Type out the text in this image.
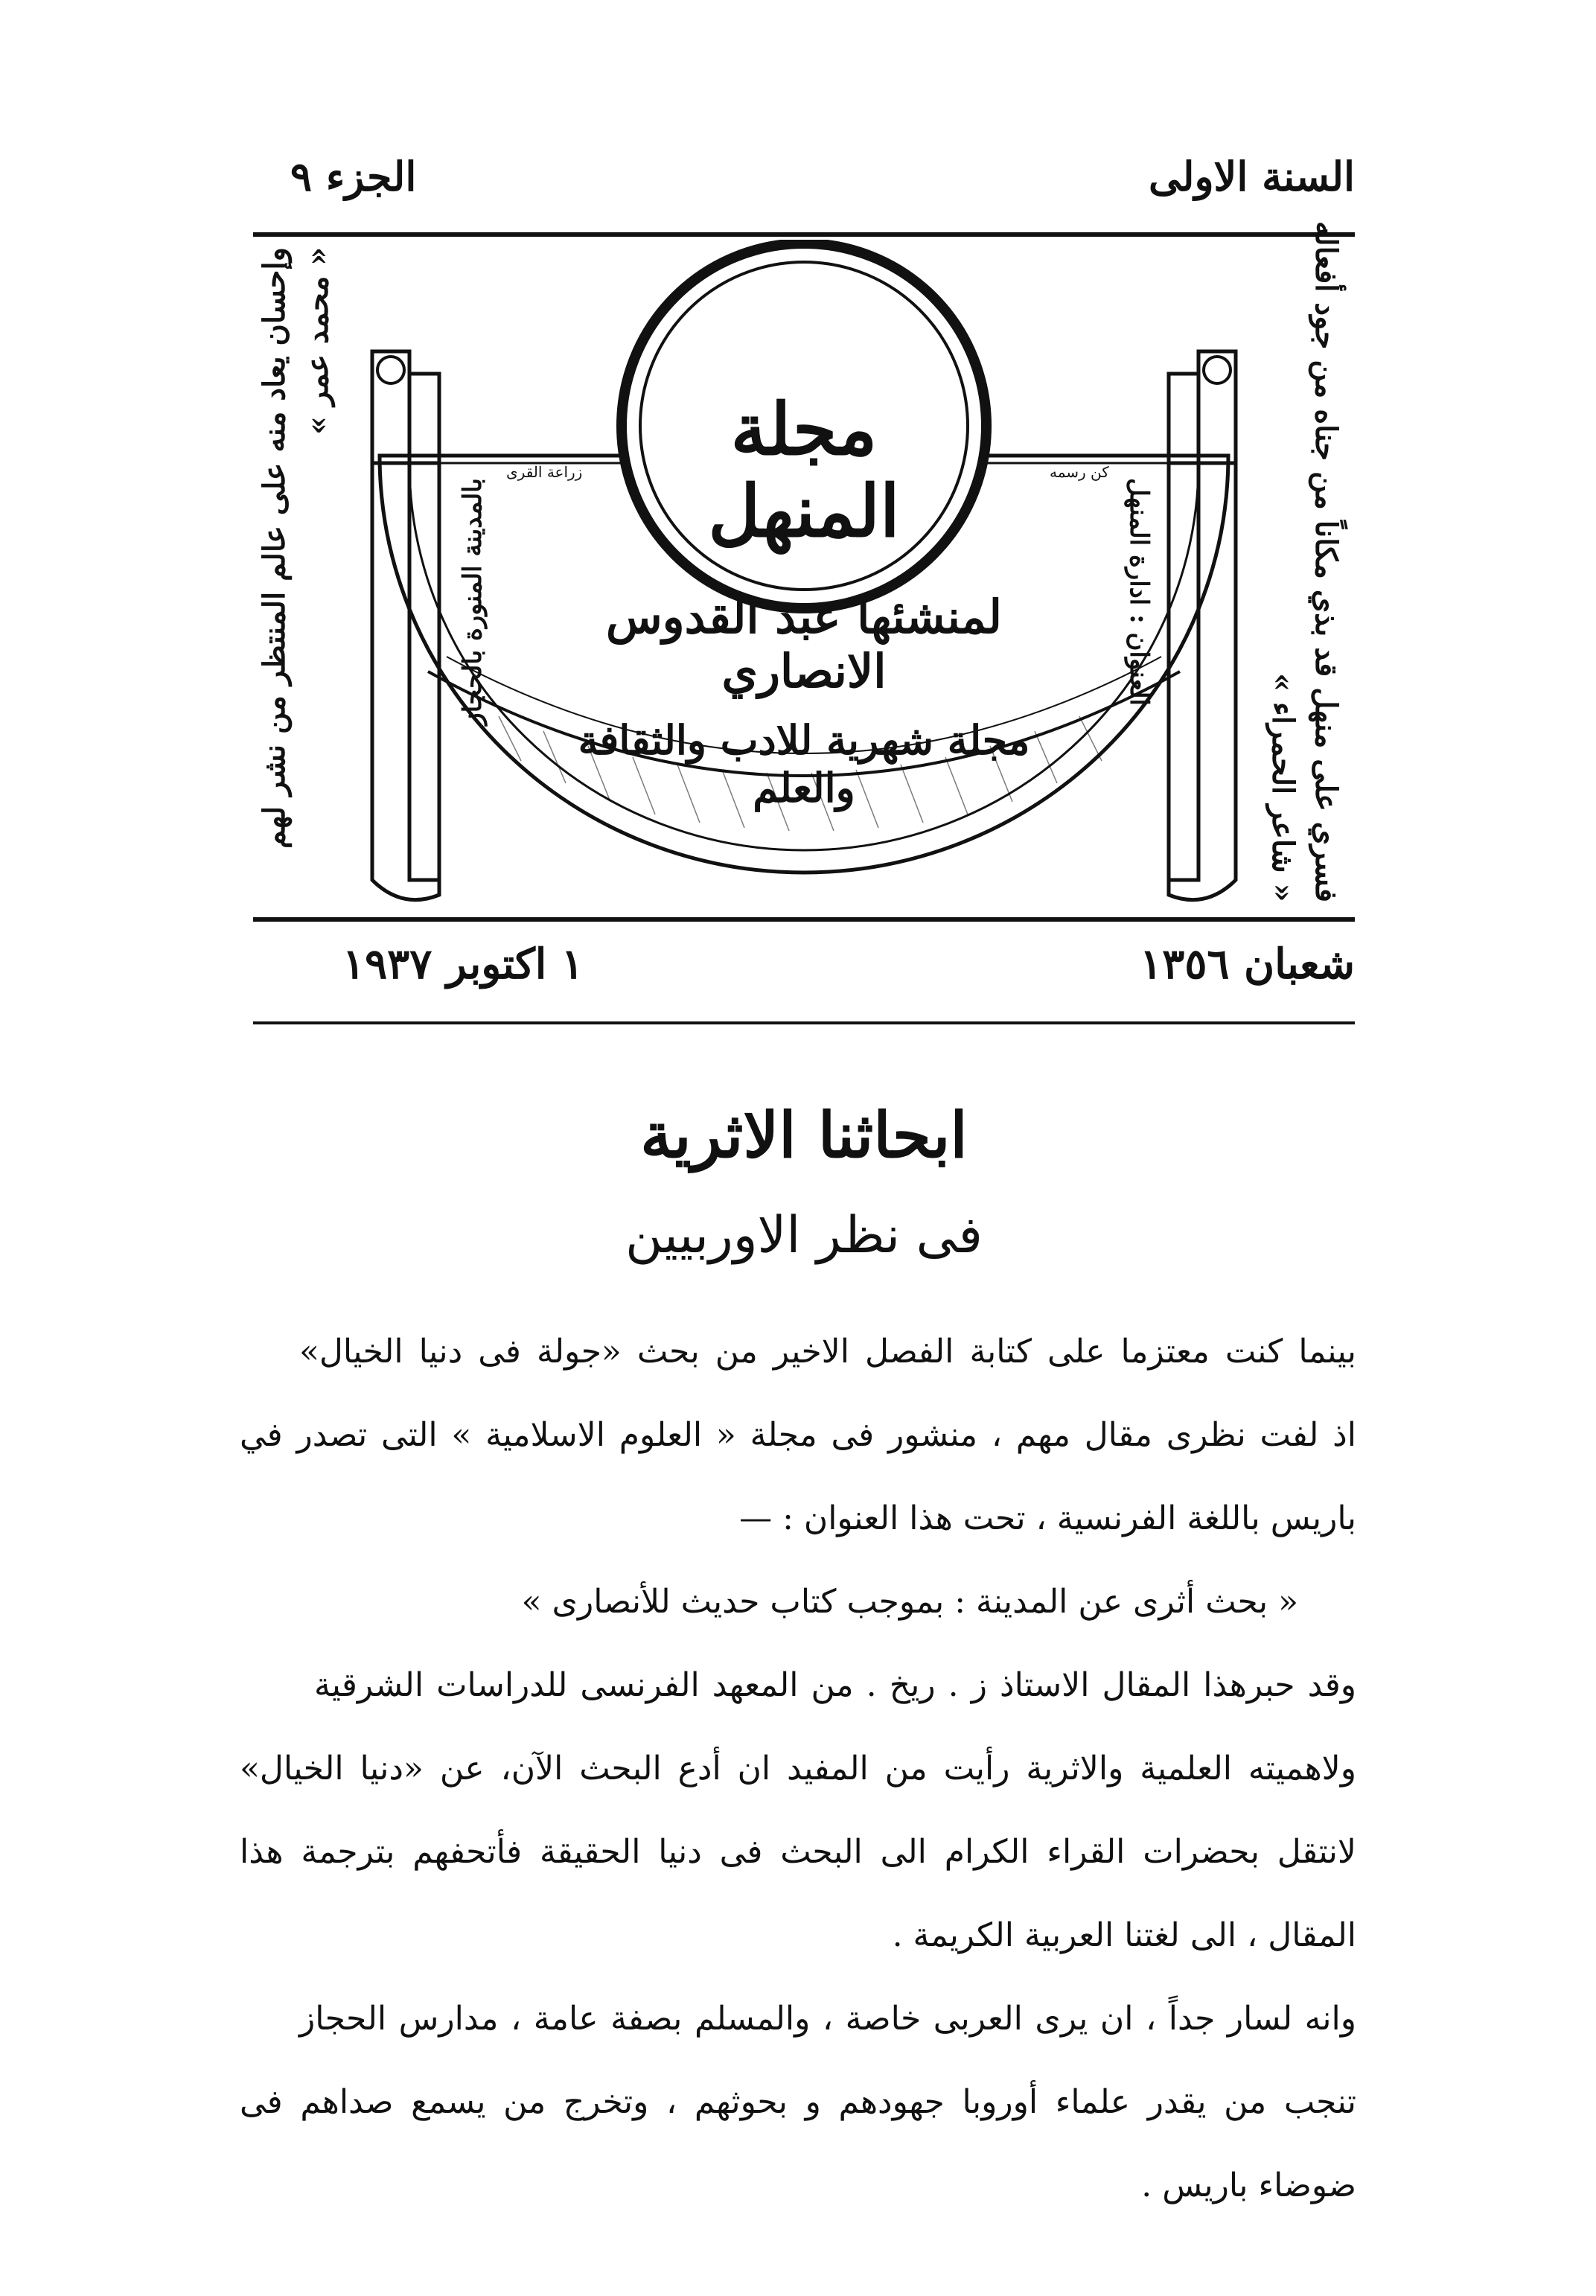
السنة الاولى
الجزء ٩
فسري على منهل قد بذي مكاناً من جناه من جود أفعاله
« شاعر الحمراء »
وإحسان يعاد منه على عالم المنتظر من نشر لهم « محمد عمر »	مجلة المنهل
لمنشئها عبد القدوس الانصاري
مجلة شهرية للادب والثقافة والعلم
العنوان : ادارة المنهل
بالمدينة المنورة بالحجاز
كن رسمه
زراعة القرى
شعبان ١٣٥٦
١ اكتوبر ١٩٣٧
ابحاثنا الاثرية
فى نظر الاوربيين
بينما كنت معتزما على كتابة الفصل الاخير من بحث «جولة فى دنيا الخيال»
اذ لفت نظرى مقال مهم ، منشور فى مجلة « العلوم الاسلامية » التى تصدر في
باريس باللغة الفرنسية ، تحت هذا العنوان : —
« بحث أثرى عن المدينة : بموجب كتاب حديث للأنصارى »
وقد حبرهذا المقال الاستاذ ز . ريخ . من المعهد الفرنسى للدراسات الشرقية
ولاهميته العلمية والاثرية رأيت من المفيد ان أدع البحث الآن، عن «دنيا الخيال»
لانتقل بحضرات القراء الكرام الى البحث فى دنيا الحقيقة فأتحفهم بترجمة هذا
المقال ، الى لغتنا العربية الكريمة .
وانه لسار جداً ، ان يرى العربى خاصة ، والمسلم بصفة عامة ، مدارس الحجاز
تنجب من يقدر علماء أوروبا جهودهم و بحوثهم ، وتخرج من يسمع صداهم فى
ضوضاء باريس .
